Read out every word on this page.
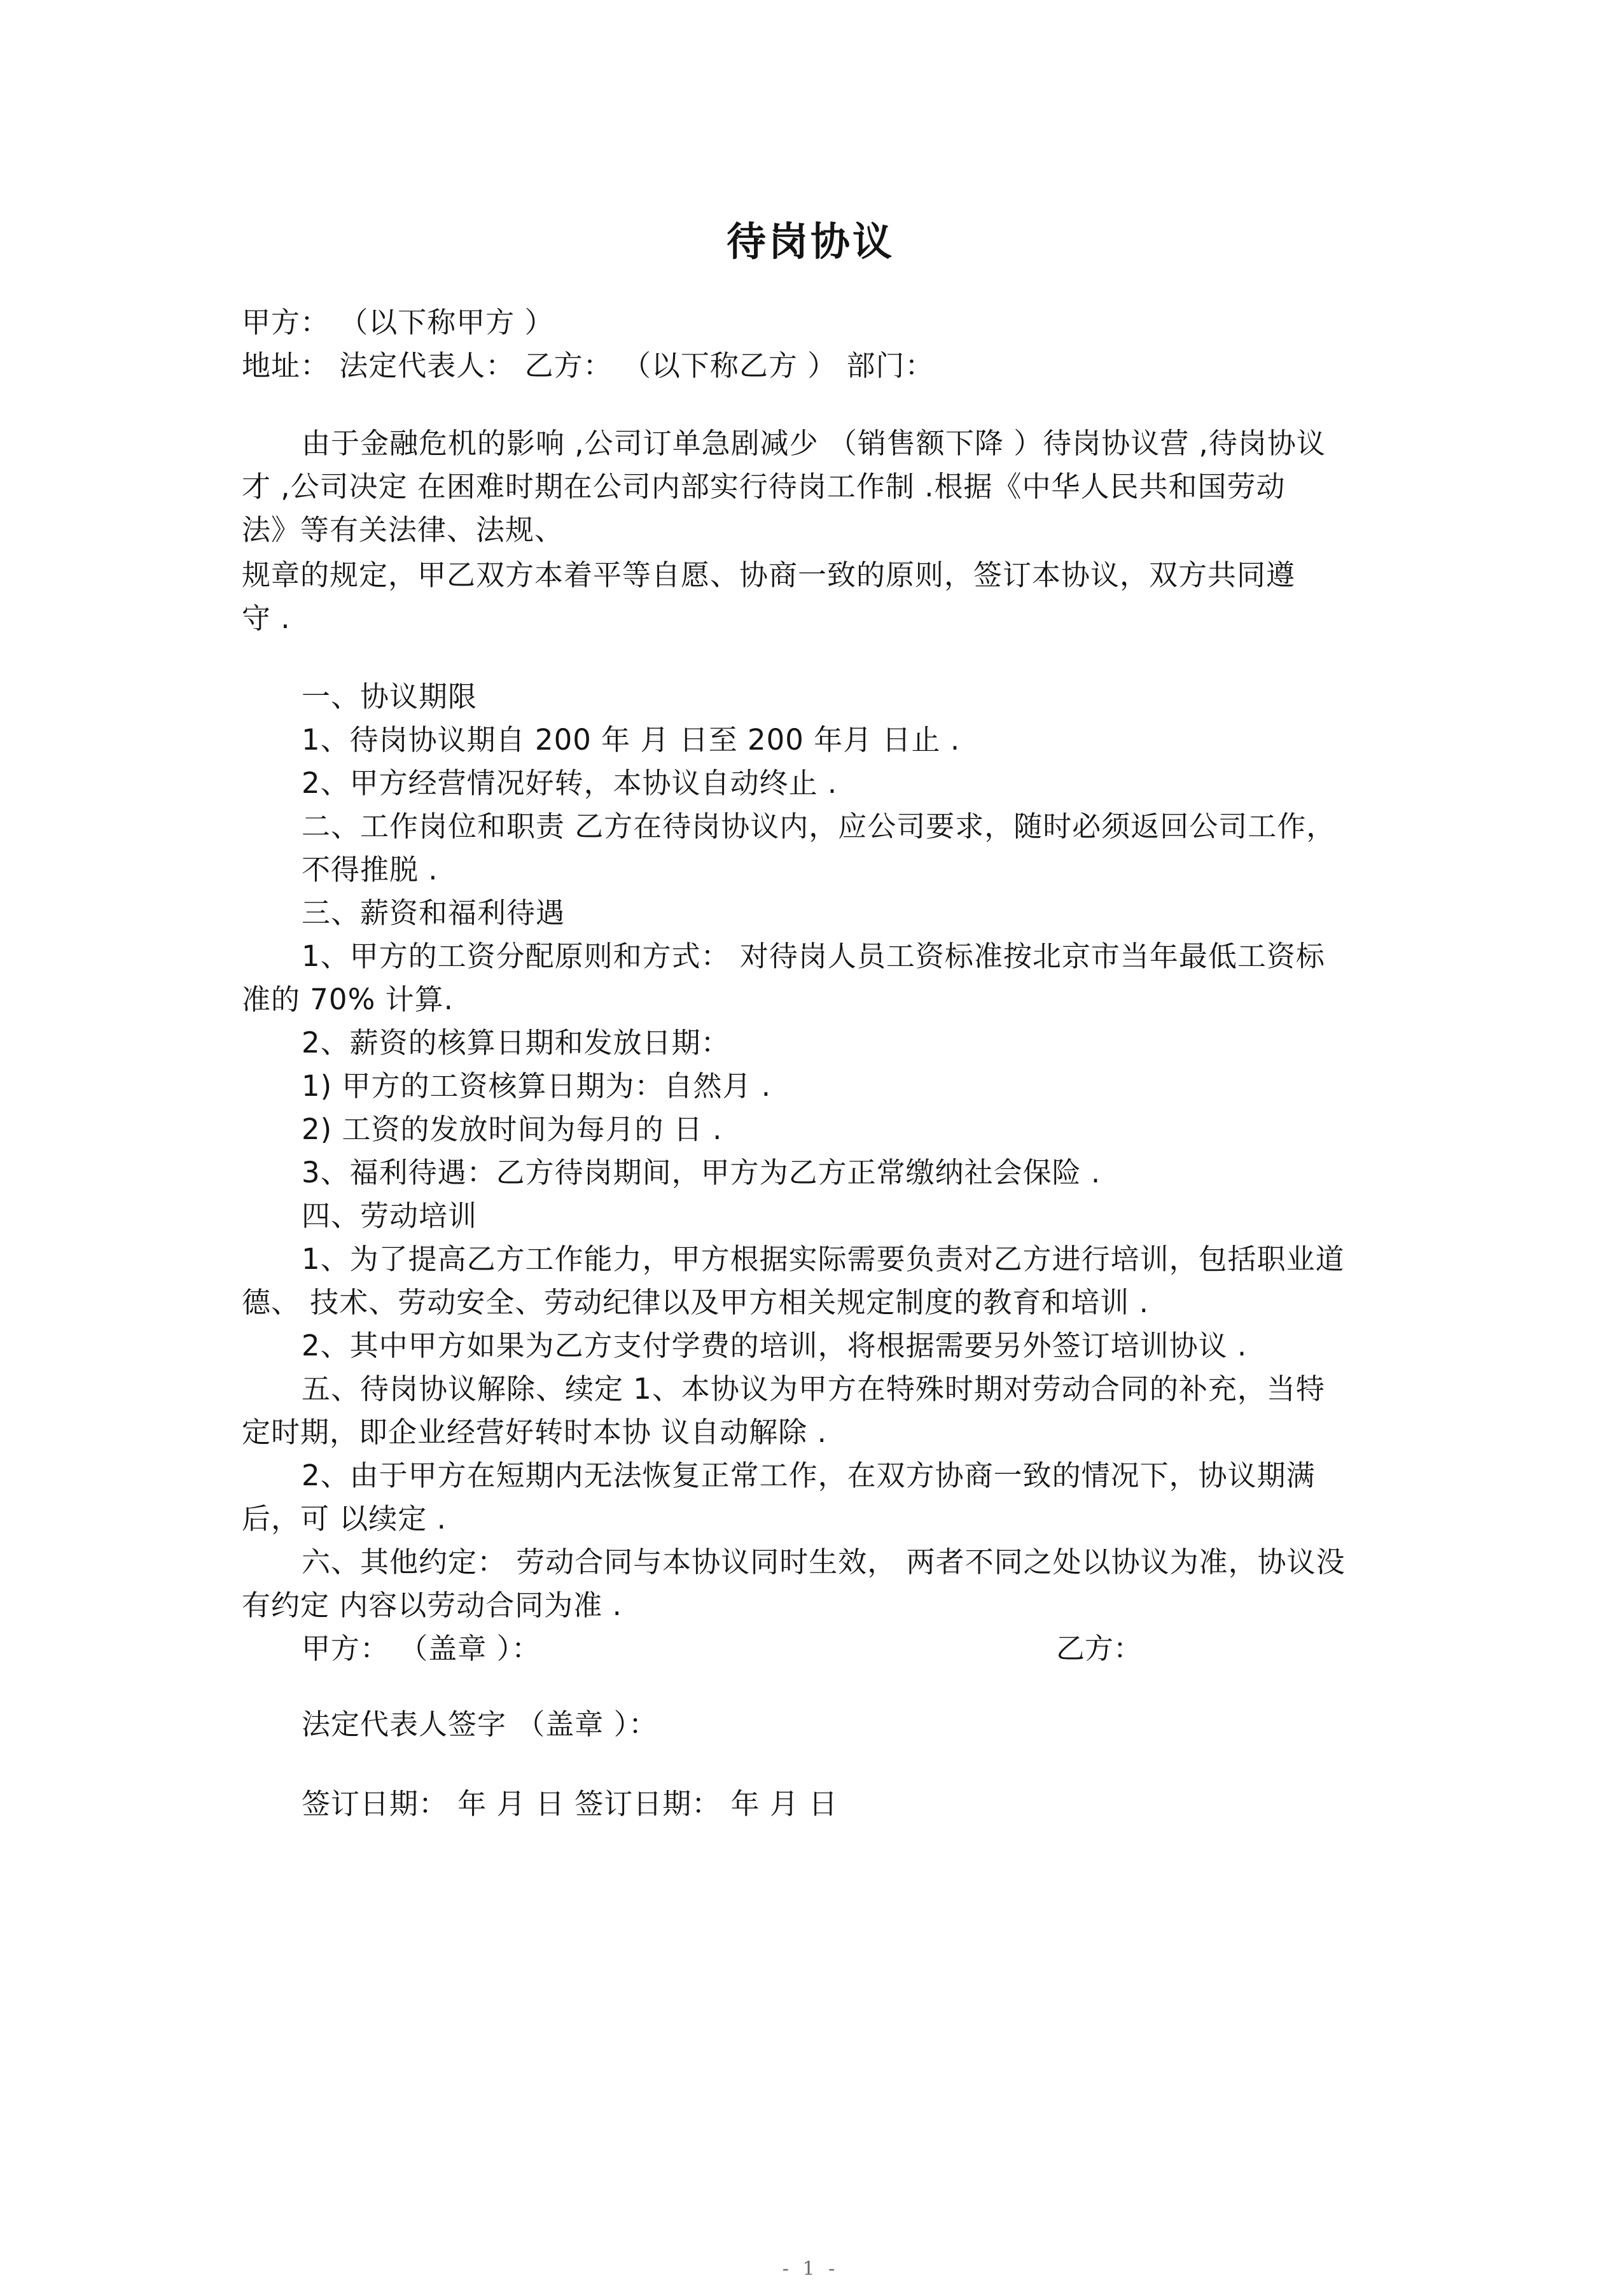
待岗协议
甲方： （以下称甲方 ）
地址： 法定代表人： 乙方： （以下称乙方 ） 部门：
由于金融危机的影响 ,公司订单急剧减少 （销售额下降 ）待岗协议营 ,待岗协议
才 ,公司决定 在困难时期在公司内部实行待岗工作制 .根据《中华人民共和国劳动
法》等有关法律、法规、
规章的规定，甲乙双方本着平等自愿、协商一致的原则，签订本协议，双方共同遵
守 .
一、协议期限
1、待岗协议期自 200 年 月 日至 200 年月 日止 .
2、甲方经营情况好转，本协议自动终止 .
二、工作岗位和职责 乙方在待岗协议内，应公司要求，随时必须返回公司工作，
不得推脱 .
三、薪资和福利待遇
1、甲方的工资分配原则和方式： 对待岗人员工资标准按北京市当年最低工资标
准的 70% 计算.
2、薪资的核算日期和发放日期：
1) 甲方的工资核算日期为：自然月 .
2) 工资的发放时间为每月的 日 .
3、福利待遇：乙方待岗期间，甲方为乙方正常缴纳社会保险 .
四、劳动培训
1、为了提高乙方工作能力，甲方根据实际需要负责对乙方进行培训，包括职业道
德、 技术、劳动安全、劳动纪律以及甲方相关规定制度的教育和培训 .
2、其中甲方如果为乙方支付学费的培训，将根据需要另外签订培训协议 .
五、待岗协议解除、续定 1、本协议为甲方在特殊时期对劳动合同的补充，当特
定时期，即企业经营好转时本协 议自动解除 .
2、由于甲方在短期内无法恢复正常工作，在双方协商一致的情况下，协议期满
后，可 以续定 .
六、其他约定： 劳动合同与本协议同时生效， 两者不同之处以协议为准，协议没
有约定 内容以劳动合同为准 .
甲方： （盖章 ）：	乙方：
法定代表人签字 （盖章 ）：
签订日期： 年 月 日 签订日期： 年 月 日
- 1 -
